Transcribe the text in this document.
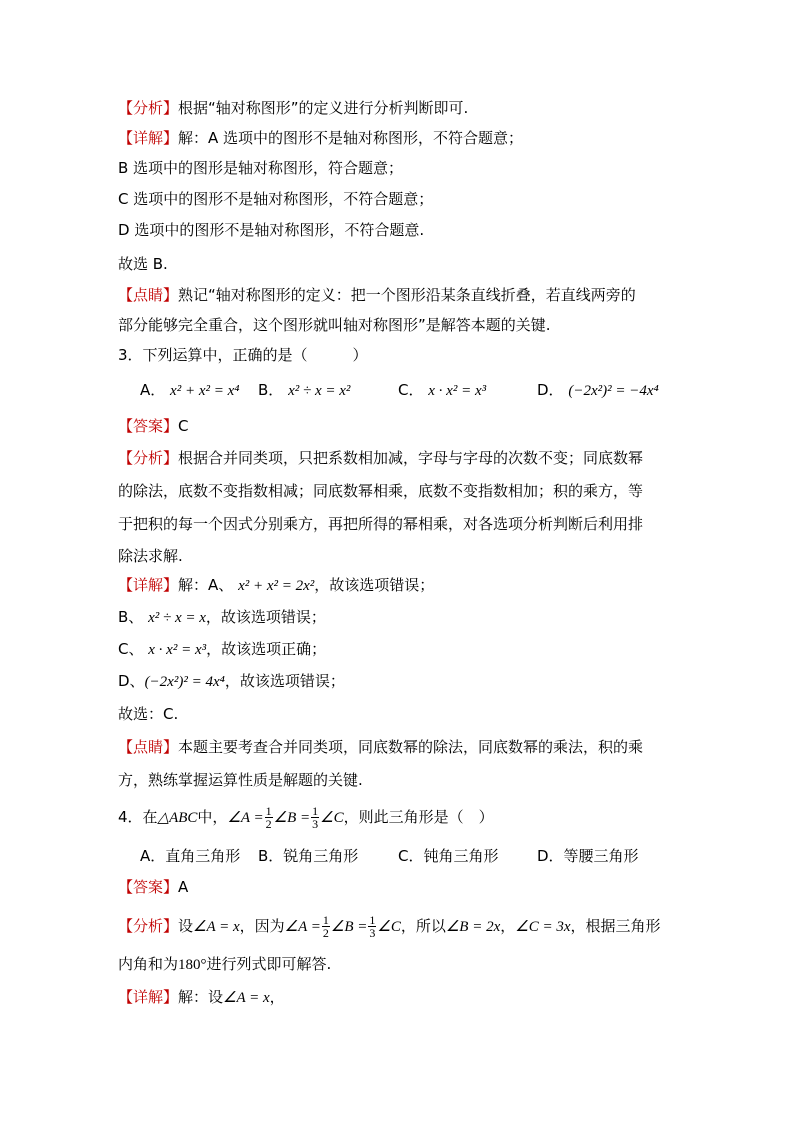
【分析】根据“轴对称图形”的定义进行分析判断即可.
【详解】解：A 选项中的图形不是轴对称图形，不符合题意；
B 选项中的图形是轴对称图形，符合题意；
C 选项中的图形不是轴对称图形，不符合题意；
D 选项中的图形不是轴对称图形，不符合题意.
故选 B.
【点睛】熟记“轴对称图形的定义：把一个图形沿某条直线折叠，若直线两旁的
部分能够完全重合，这个图形就叫轴对称图形”是解答本题的关键.
3．下列运算中，正确的是（　　　）
A． x² + x² = x⁴ B． x² ÷ x = x²	C． x · x² = x³	D． (−2x²)² = −4x⁴
【答案】C
【分析】根据合并同类项，只把系数相加减，字母与字母的次数不变；同底数幂
的除法，底数不变指数相减；同底数幂相乘，底数不变指数相加；积的乘方，等
于把积的每一个因式分别乘方，再把所得的幂相乘，对各选项分析判断后利用排
除法求解.
【详解】解：A、 x² + x² = 2x²，故该选项错误；
B、 x² ÷ x = x，故该选项错误；
C、 x · x² = x³，故该选项正确；
D、(−2x²)² = 4x⁴，故该选项错误；
故选：C.
【点睛】本题主要考查合并同类项，同底数幂的除法，同底数幂的乘法，积的乘
方，熟练掌握运算性质是解题的关键.
4．在△ABC中，∠A = $\frac{1}{2}$ ∠B = $\frac{1}{3}$ ∠C，则此三角形是（　）
A．直角三角形 B．锐角三角形	C．钝角三角形	D．等腰三角形
【答案】A
【分析】设∠A = x，因为∠A = $\frac{1}{2}$ ∠B = $\frac{1}{3}$ ∠C，所以∠B = 2x，∠C = 3x，根据三角形
内角和为180°进行列式即可解答.
【详解】解：设∠A = x，
